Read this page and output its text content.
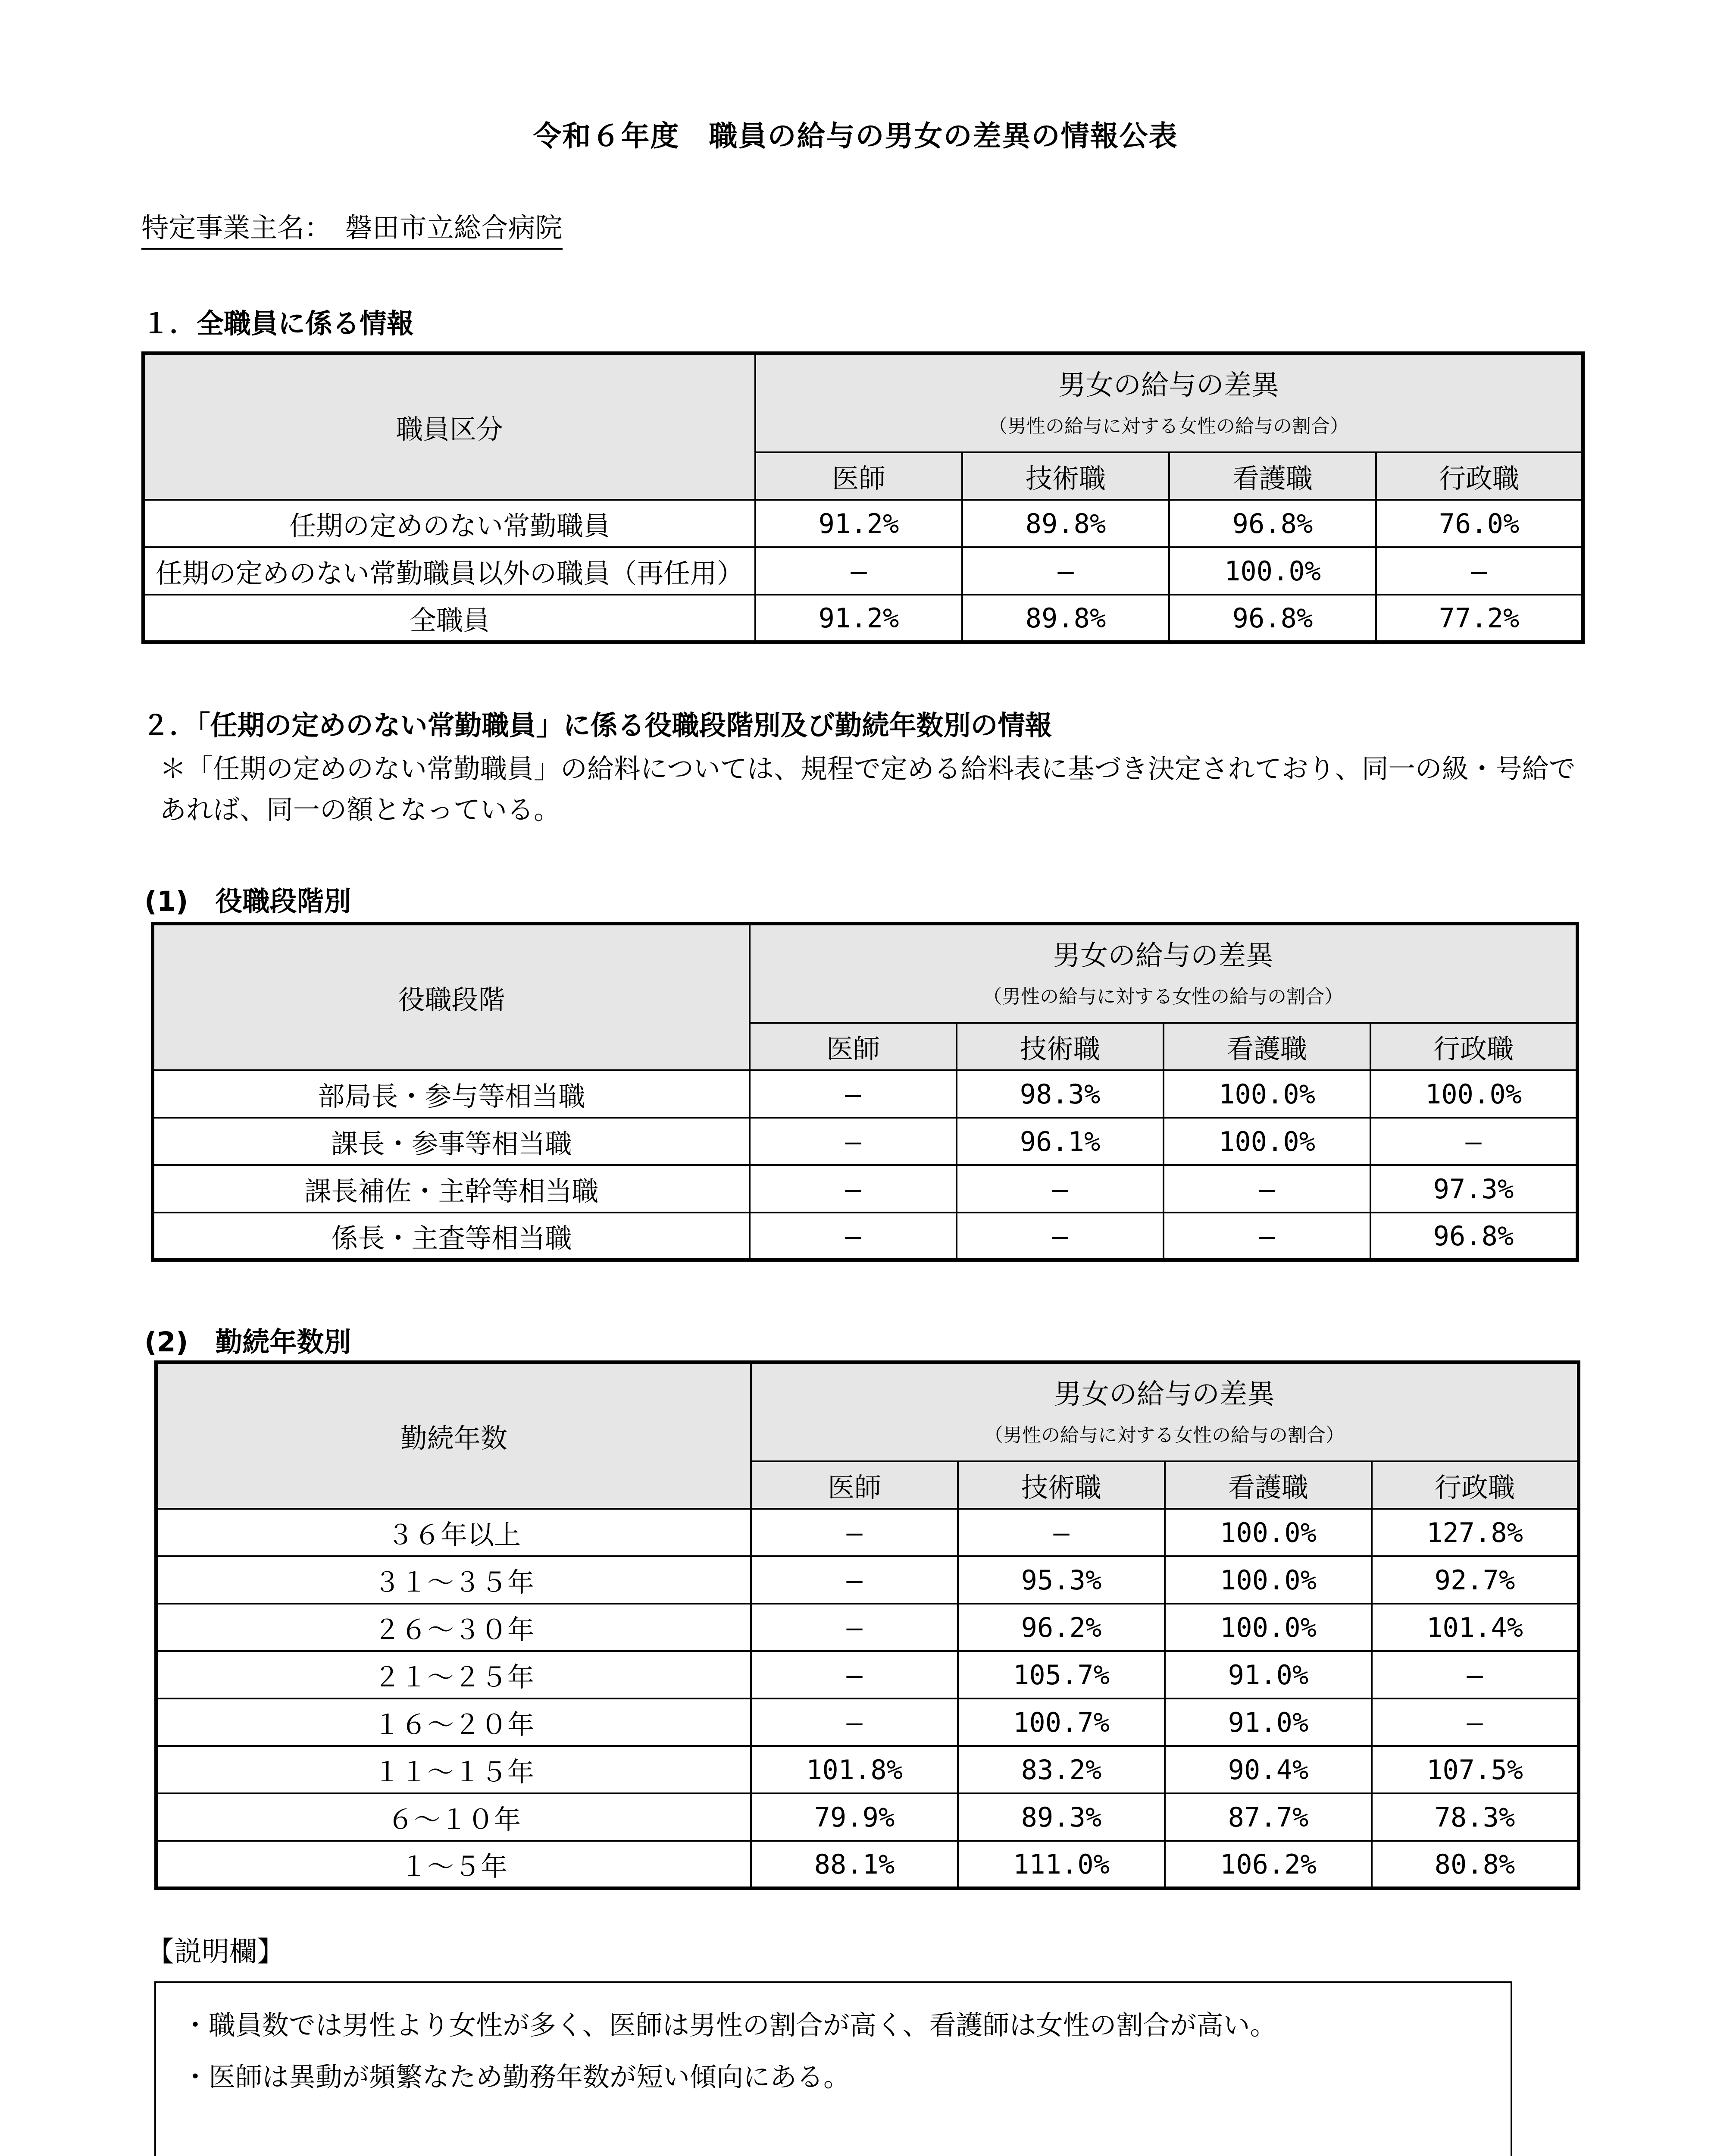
令和６年度　職員の給与の男女の差異の情報公表
特定事業主名：　磐田市立総合病院
１．全職員に係る情報
職員区分	男女の給与の差異
（男性の給与に対する女性の給与の割合）			

	医師	技術職	看護職	行政職
任期の定めのない常勤職員	91.2%	89.8%	96.8%	76.0%
任期の定めのない常勤職員以外の職員（再任用）	―	―	100.0%	―
全職員	91.2%	89.8%	96.8%	77.2%
２．「任期の定めのない常勤職員」に係る役職段階別及び勤続年数別の情報
＊「任期の定めのない常勤職員」の給料については、規程で定める給料表に基づき決定されており、同一の級・号給であれば、同一の額となっている。
(1)　役職段階別
役職段階	男女の給与の差異
（男性の給与に対する女性の給与の割合）			

	医師	技術職	看護職	行政職
部局長・参与等相当職	―	98.3%	100.0%	100.0%
課長・参事等相当職	―	96.1%	100.0%	―
課長補佐・主幹等相当職	―	―	―	97.3%
係長・主査等相当職	―	―	―	96.8%
(2)　勤続年数別
勤続年数	男女の給与の差異
（男性の給与に対する女性の給与の割合）			

	医師	技術職	看護職	行政職
３６年以上	―	―	100.0%	127.8%
３１～３５年	―	95.3%	100.0%	92.7%
２６～３０年	―	96.2%	100.0%	101.4%
２１～２５年	―	105.7%	91.0%	―
１６～２０年	―	100.7%	91.0%	―
１１～１５年	101.8%	83.2%	90.4%	107.5%
６～１０年	79.9%	89.3%	87.7%	78.3%
１～５年	88.1%	111.0%	106.2%	80.8%
【説明欄】
・職員数では男性より女性が多く、医師は男性の割合が高く、看護師は女性の割合が高い。
・医師は異動が頻繁なため勤務年数が短い傾向にある。
